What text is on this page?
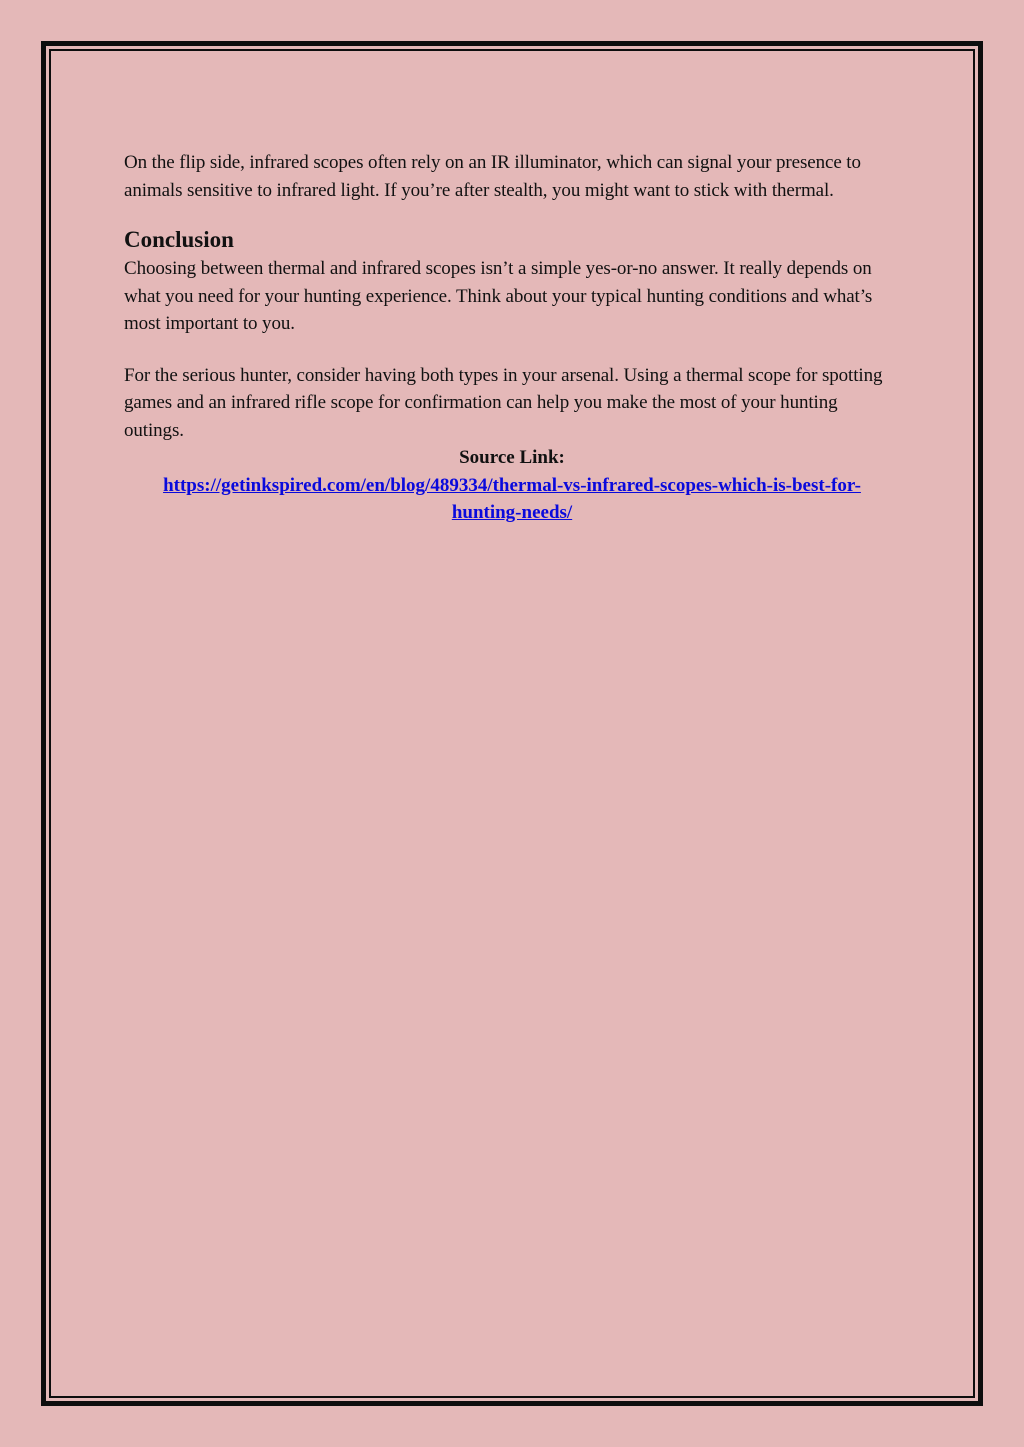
On the flip side, infrared scopes often rely on an IR illuminator, which can signal your presence to animals sensitive to infrared light. If you’re after stealth, you might want to stick with thermal.

Conclusion

Choosing between thermal and infrared scopes isn’t a simple yes-or-no answer. It really depends on what you need for your hunting experience. Think about your typical hunting conditions and what’s most important to you.

For the serious hunter, consider having both types in your arsenal. Using a thermal scope for spotting games and an infrared rifle scope for confirmation can help you make the most of your hunting outings.

Source Link:

https://getinkspired.com/en/blog/489334/thermal-vs-infrared-scopes-which-is-best-for-
hunting-needs/
